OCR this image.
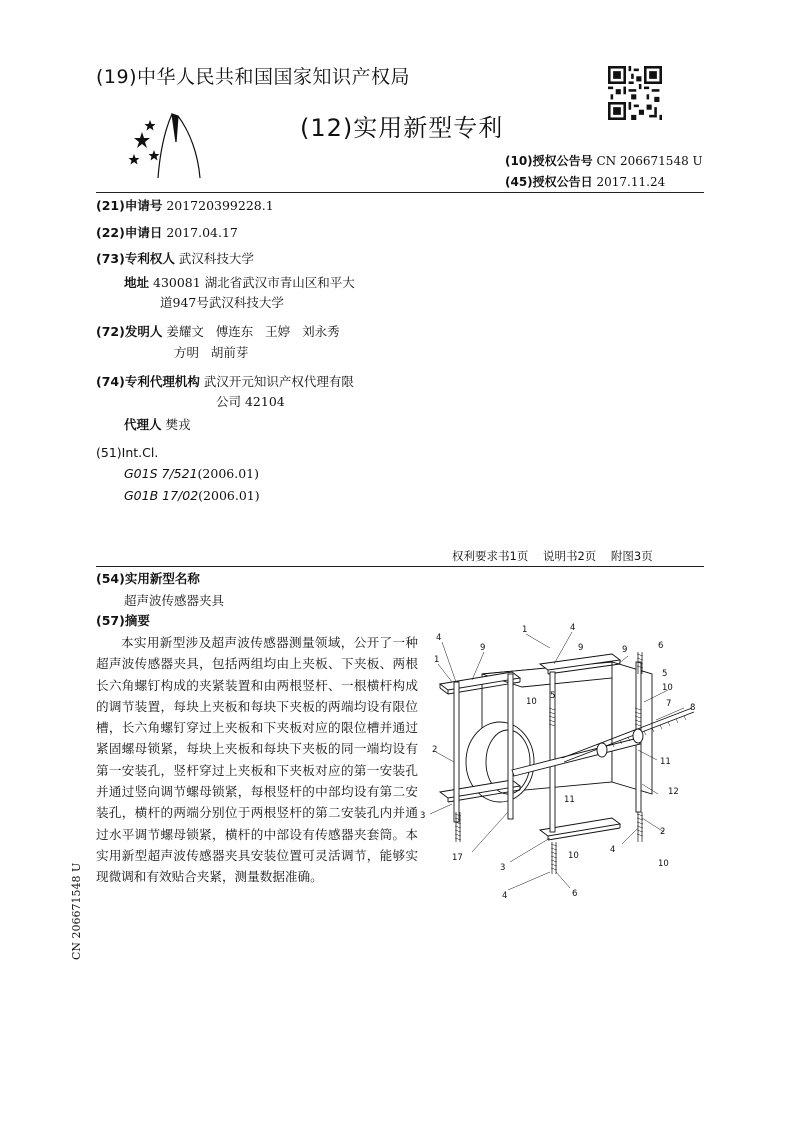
(19)中华人民共和国国家知识产权局
(12)实用新型专利
(10)授权公告号 CN 206671548 U
(45)授权公告日 2017.11.24
(21)申请号 201720399228.1
(22)申请日 2017.04.17
(73)专利权人 武汉科技大学
地址 430081 湖北省武汉市青山区和平大
道947号武汉科技大学
(72)发明人 姜耀文   傅连东   王婷   刘永秀
方明   胡前芽
(74)专利代理机构 武汉开元知识产权代理有限
公司 42104
代理人 樊戎
(51)Int.Cl.
G01S 7/521(2006.01)
G01B 17/02(2006.01)
权利要求书1页    说明书2页    附图3页
(54)实用新型名称
超声波传感器夹具
(57)摘要
本实用新型涉及超声波传感器测量领域，公开了一种超声波传感器夹具，包括两组均由上夹板、下夹板、两根长六角螺钉构成的夹紧装置和由两根竖杆、一根横杆构成的调节装置，每块上夹板和每块下夹板的两端均设有限位槽，长六角螺钉穿过上夹板和下夹板对应的限位槽并通过紧固螺母锁紧，每块上夹板和每块下夹板的同一端均设有第一安装孔，竖杆穿过上夹板和下夹板对应的第一安装孔并通过竖向调节螺母锁紧，每根竖杆的中部均设有第二安装孔，横杆的两端分别位于两根竖杆的第二安装孔内并通过水平调节螺母锁紧，横杆的中部设有传感器夹套筒。本实用新型超声波传感器夹具安装位置可灵活调节，能够实现微调和有效贴合夹紧，测量数据准确。
CN 206671548 U
4
1
9
1	4
9	9	6
5
10
7 8
10
5
11
11
2
12
3
2
17
4
3
10
10
4	6
